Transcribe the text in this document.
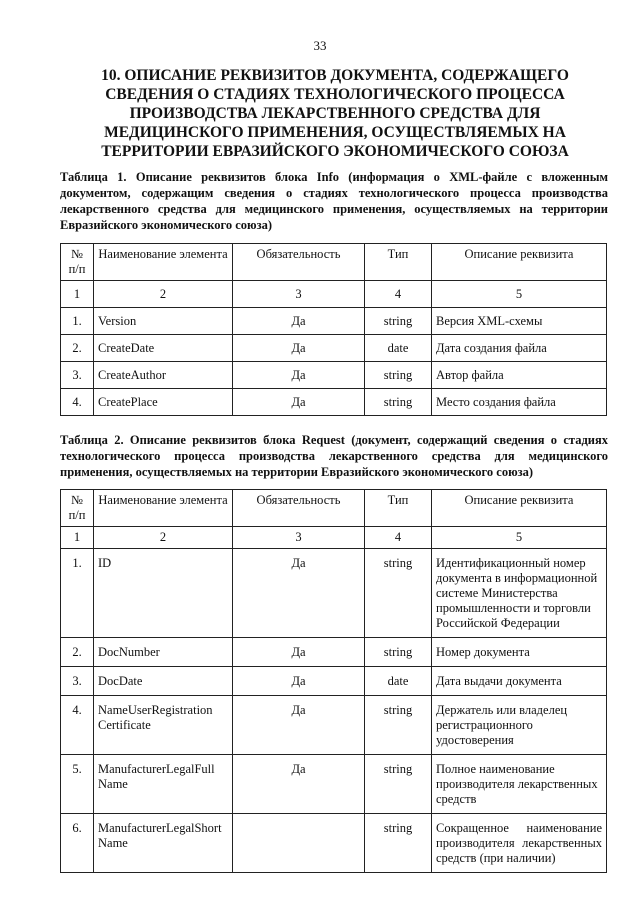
33
10. ОПИСАНИЕ РЕКВИЗИТОВ ДОКУМЕНТА, СОДЕРЖАЩЕГО СВЕДЕНИЯ О СТАДИЯХ ТЕХНОЛОГИЧЕСКОГО ПРОЦЕССА ПРОИЗВОДСТВА ЛЕКАРСТВЕННОГО СРЕДСТВА ДЛЯ МЕДИЦИНСКОГО ПРИМЕНЕНИЯ, ОСУЩЕСТВЛЯЕМЫХ НА ТЕРРИТОРИИ ЕВРАЗИЙСКОГО ЭКОНОМИЧЕСКОГО СОЮЗА
Таблица 1. Описание реквизитов блока Info (информация о XML-файле с вложенным документом, содержащим сведения о стадиях технологического процесса производства лекарственного средства для медицинского применения, осуществляемых на территории Евразийского экономического союза)
№ п/п	Наименование элемента	Обязательность	Тип	Описание реквизита
1	2	3	4	5
1.	Version	Да	string	Версия XML-схемы
2.	CreateDate	Да	date	Дата создания файла
3.	CreateAuthor	Да	string	Автор файла
4.	CreatePlace	Да	string	Место создания файла
Таблица 2. Описание реквизитов блока Request (документ, содержащий сведения о стадиях технологического процесса производства лекарственного средства для медицинского применения, осуществляемых на территории Евразийского экономического союза)
№ п/п	Наименование элемента	Обязательность	Тип	Описание реквизита
1	2	3	4	5
1.	ID	Да	string	Идентификационный номер документа в информационной системе Министерства промышленности и торговли Российской Федерации
2.	DocNumber	Да	string	Номер документа
3.	DocDate	Да	date	Дата выдачи документа
4.	NameUserRegistration Certificate	Да	string	Держатель или владелец регистрационного удостоверения
5.	ManufacturerLegalFull Name	Да	string	Полное наименование производителя лекарственных средств
6.	ManufacturerLegalShort Name		string	Сокращенное наименование производителя лекарственных средств (при наличии)
